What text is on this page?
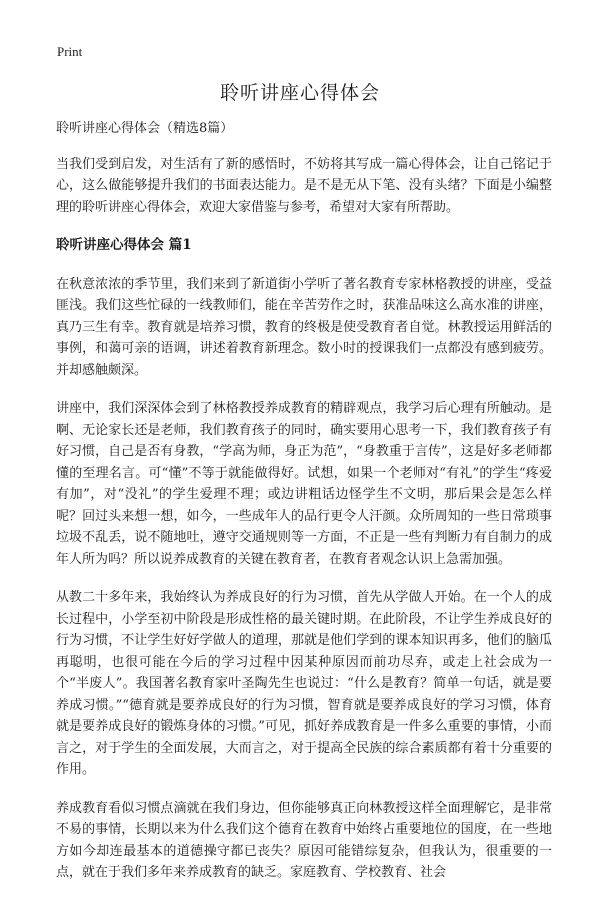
Print
聆听讲座心得体会

聆听讲座心得体会（精选8篇）

当我们受到启发，对生活有了新的感悟时，不妨将其写成一篇心得体会，让自己铭记于心，这么做能够提升我们的书面表达能力。是不是无从下笔、没有头绪？下面是小编整理的聆听讲座心得体会，欢迎大家借鉴与参考，希望对大家有所帮助。

聆听讲座心得体会 篇1

在秋意浓浓的季节里，我们来到了新道街小学听了著名教育专家林格教授的讲座，受益匪浅。我们这些忙碌的一线教师们，能在辛苦劳作之时，获准品味这么高水准的讲座，真乃三生有幸。教育就是培养习惯，教育的终极是使受教育者自觉。林教授运用鲜活的事例，和蔼可亲的语调，讲述着教育新理念。数小时的授课我们一点都没有感到疲劳。并却感触颇深。

讲座中，我们深深体会到了林格教授养成教育的精辟观点，我学习后心理有所触动。是啊、无论家长还是老师，我们教育孩子的同时，确实要用心思考一下，我们教育孩子有好习惯，自己是否有身教，“学高为师，身正为范”，“身教重于言传”，这是好多老师都懂的至理名言。可“懂”不等于就能做得好。试想，如果一个老师对“有礼”的学生“疼爱有加”，对“没礼”的学生爱理不理；或边讲粗话边怪学生不文明，那后果会是怎么样呢？回过头来想一想，如今，一些成年人的品行更令人汗颜。众所周知的一些日常琐事垃圾不乱丢，说不随地吐，遵守交通规则等一方面，不正是一些有判断力有自制力的成年人所为吗？所以说养成教育的关键在教育者，在教育者观念认识上急需加强。

从教二十多年来，我始终认为养成良好的行为习惯，首先从学做人开始。在一个人的成长过程中，小学至初中阶段是形成性格的最关键时期。在此阶段，不让学生养成良好的行为习惯，不让学生好好学做人的道理，那就是他们学到的课本知识再多，他们的脑瓜再聪明，也很可能在今后的学习过程中因某种原因而前功尽弃，或走上社会成为一个“半废人”。我国著名教育家叶圣陶先生也说过：“什么是教育？简单一句话，就是要养成习惯。”“德育就是要养成良好的行为习惯，智育就是要养成良好的学习习惯，体育就是要养成良好的锻炼身体的习惯。”可见，抓好养成教育是一件多么重要的事情，小而言之，对于学生的全面发展，大而言之，对于提高全民族的综合素质都有着十分重要的作用。

养成教育看似习惯点滴就在我们身边，但你能够真正向林教授这样全面理解它，是非常不易的事情，长期以来为什么我们这个德育在教育中始终占重要地位的国度，在一些地方如今却连最基本的道德操守都已丧失？原因可能错综复杂，但我认为，很重要的一点，就在于我们多年来养成教育的缺乏。家庭教育、学校教育、社会
